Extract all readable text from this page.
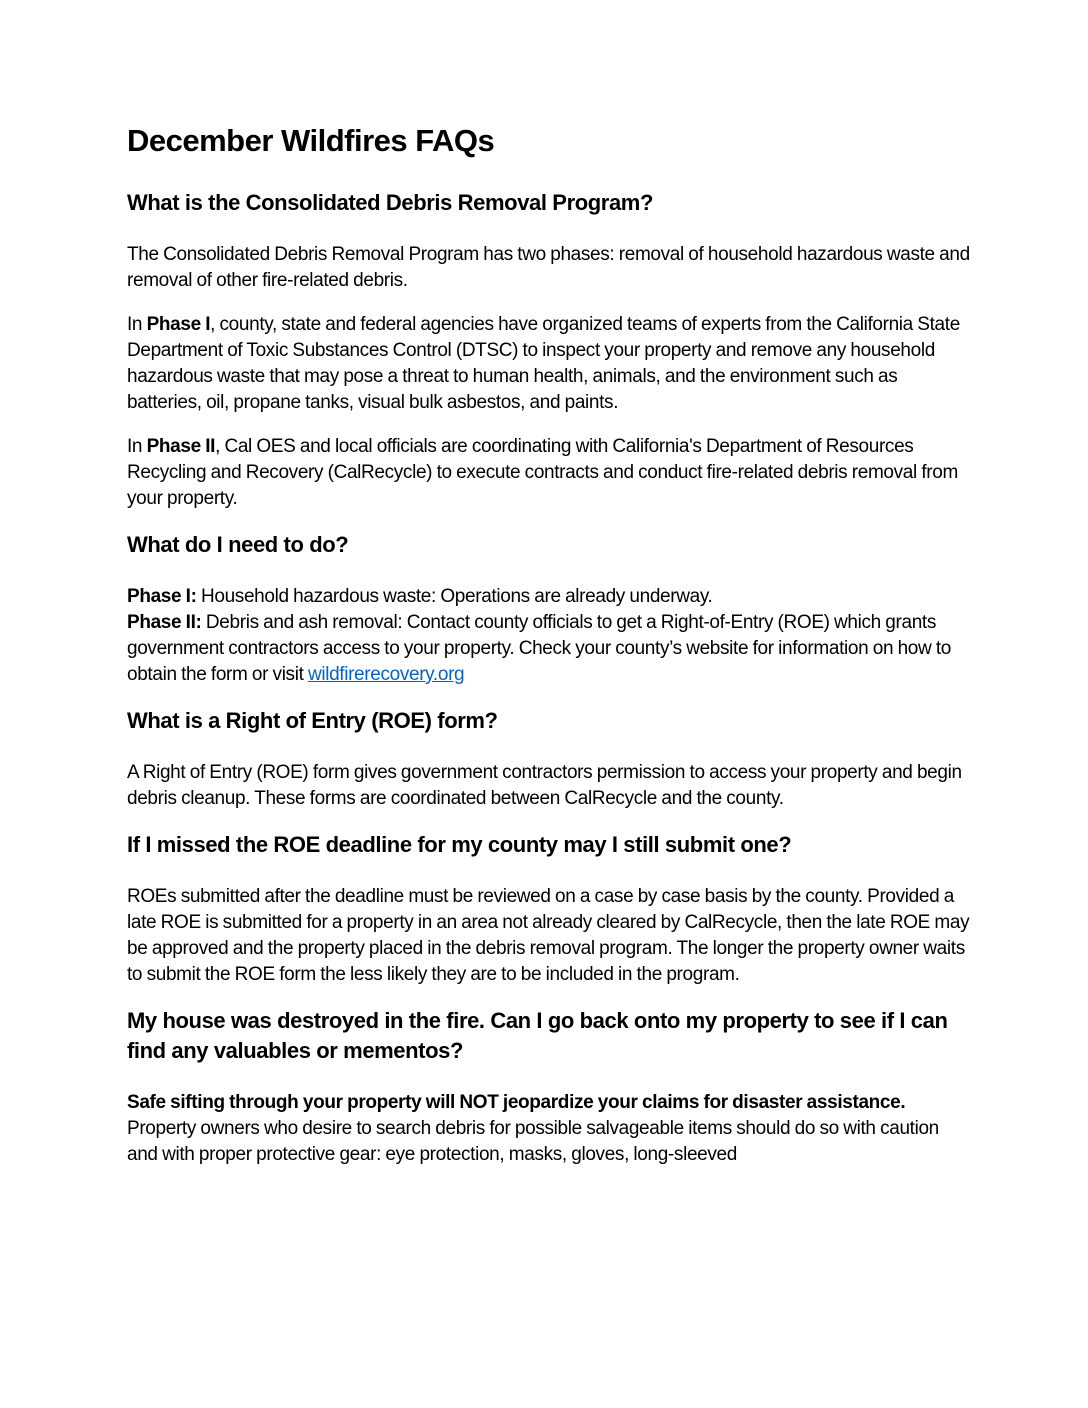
December Wildfires FAQs
What is the Consolidated Debris Removal Program?

The Consolidated Debris Removal Program has two phases: removal of household hazardous waste and removal of other fire-related debris.

In Phase I, county, state and federal agencies have organized teams of experts from the California State Department of Toxic Substances Control (DTSC) to inspect your property and remove any household hazardous waste that may pose a threat to human health, animals, and the environment such as batteries, oil, propane tanks, visual bulk asbestos, and paints.

In Phase II, Cal OES and local officials are coordinating with California's Department of Resources Recycling and Recovery (CalRecycle) to execute contracts and conduct fire-related debris removal from your property.

What do I need to do?

Phase I: Household hazardous waste: Operations are already underway.
Phase II: Debris and ash removal: Contact county officials to get a Right-of-Entry (ROE) which grants government contractors access to your property. Check your county’s website for information on how to obtain the form or visit wildfirerecovery.org

What is a Right of Entry (ROE) form?

A Right of Entry (ROE) form gives government contractors permission to access your property and begin debris cleanup. These forms are coordinated between CalRecycle and the county.

If I missed the ROE deadline for my county may I still submit one?

ROEs submitted after the deadline must be reviewed on a case by case basis by the county. Provided a late ROE is submitted for a property in an area not already cleared by CalRecycle, then the late ROE may be approved and the property placed in the debris removal program. The longer the property owner waits to submit the ROE form the less likely they are to be included in the program.

My house was destroyed in the fire. Can I go back onto my property to see if I can find any valuables or mementos?

Safe sifting through your property will NOT jeopardize your claims for disaster assistance. Property owners who desire to search debris for possible salvageable items should do so with caution and with proper protective gear: eye protection, masks, gloves, long-sleeved
